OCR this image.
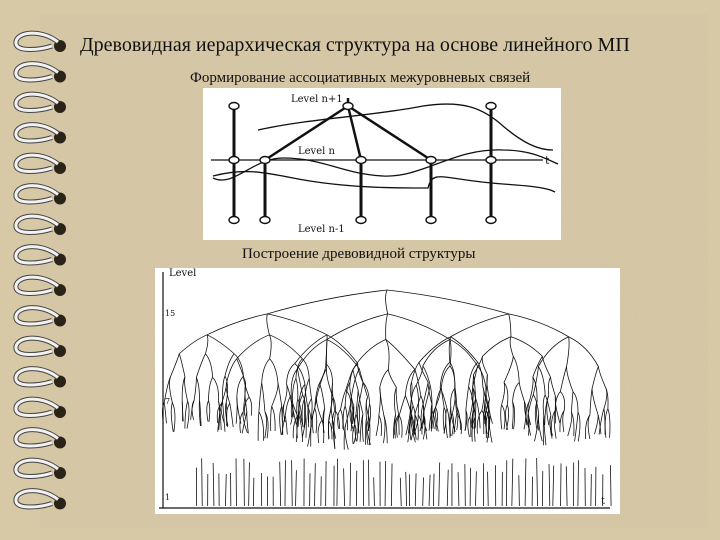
Древовидная иерархическая структура на основе линейного МП
Формирование ассоциативных межуровневых связей
Level n+1
Level n
Level n-1
t
Построение древовидной структуры
Level
15
7
1	t
